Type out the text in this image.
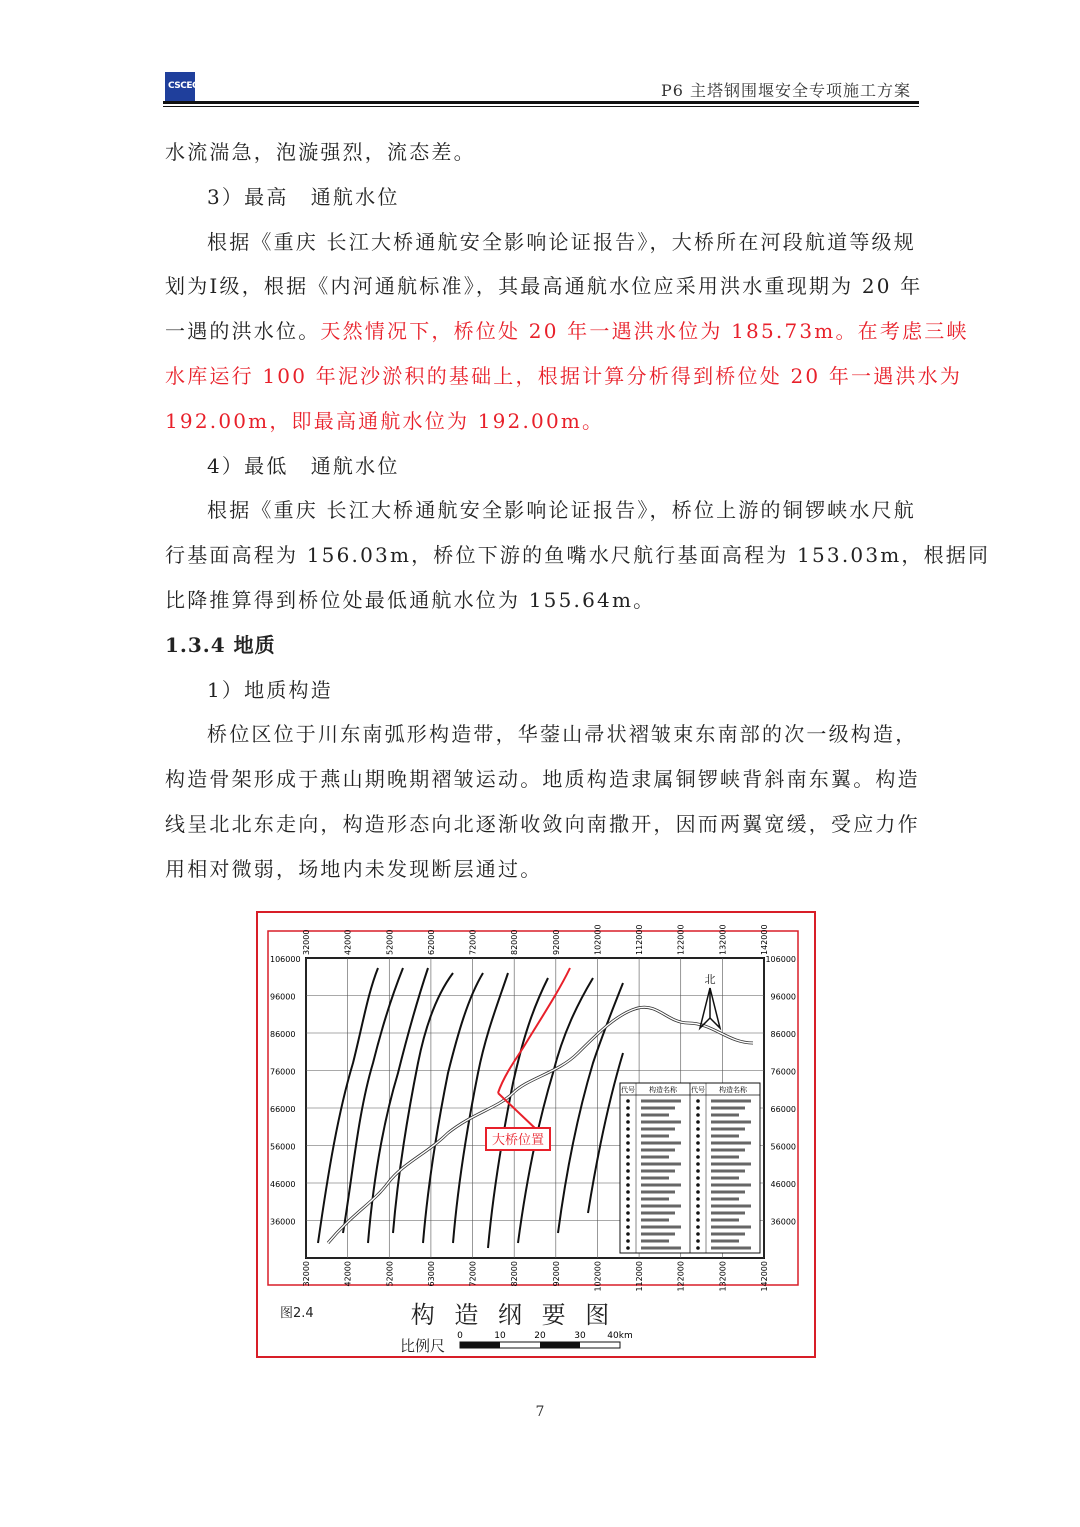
CSCEC	P6 主塔钢围堰安全专项施工方案
水流湍急，泡漩强烈，流态差。
3）最高　通航水位
根据《重庆 长江大桥通航安全影响论证报告》，大桥所在河段航道等级规
划为Ⅰ级，根据《内河通航标准》，其最高通航水位应采用洪水重现期为 20 年
一遇的洪水位。天然情况下，桥位处 20 年一遇洪水位为 185.73m。在考虑三峡
水库运行 100 年泥沙淤积的基础上，根据计算分析得到桥位处 20 年一遇洪水为
192.00m，即最高通航水位为 192.00m。
4）最低　通航水位
根据《重庆 长江大桥通航安全影响论证报告》，桥位上游的铜锣峡水尺航
行基面高程为 156.03m，桥位下游的鱼嘴水尺航行基面高程为 153.03m，根据同
比降推算得到桥位处最低通航水位为 155.64m。
1.3.4 地质
1）地质构造
桥位区位于川东南弧形构造带，华蓥山帚状褶皱束东南部的次一级构造，
构造骨架形成于燕山期晚期褶皱运动。地质构造隶属铜锣峡背斜南东翼。构造
线呈北北东走向，构造形态向北逐渐收敛向南撒开，因而两翼宽缓，受应力作
用相对微弱，场地内未发现断层通过。
32000	42000	52000	62000	72000	82000	92000	102000	112000	122000	132000	142000
32000	42000	52000	63000	72000	82000	92000	102000	112000	122000	132000	142000
106000
96000
86000
76000
66000
56000
46000
36000
106000
96000
86000
76000
66000
56000
46000
36000
大桥位置
北
代号 构造名称 代号 构造名称
图2.4	构 造 纲 要 图
比例尺
0	10	20	30 40km
7
